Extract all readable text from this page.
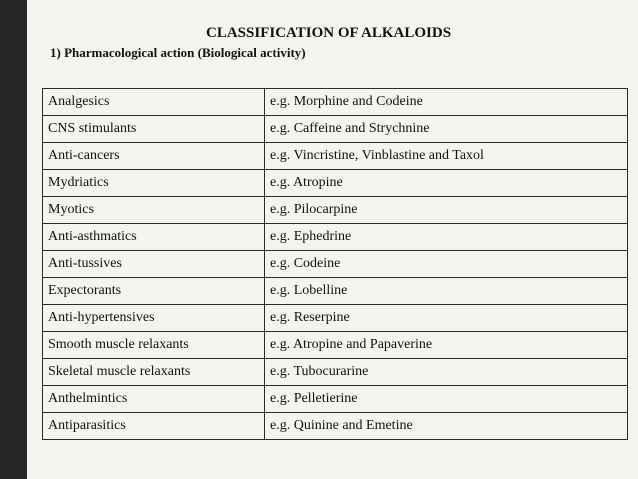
CLASSIFICATION OF ALKALOIDS
1) Pharmacological action (Biological activity)
Analgesics	e.g. Morphine and Codeine
CNS stimulants	e.g. Caffeine and Strychnine
Anti-cancers	e.g. Vincristine, Vinblastine and Taxol
Mydriatics	e.g. Atropine
Myotics	e.g. Pilocarpine
Anti-asthmatics	e.g. Ephedrine
Anti-tussives	e.g. Codeine
Expectorants	e.g. Lobelline
Anti-hypertensives	e.g. Reserpine
Smooth muscle relaxants	e.g. Atropine and Papaverine
Skeletal muscle relaxants	e.g. Tubocurarine
Anthelmintics	e.g. Pelletierine
Antiparasitics	e.g. Quinine and Emetine
